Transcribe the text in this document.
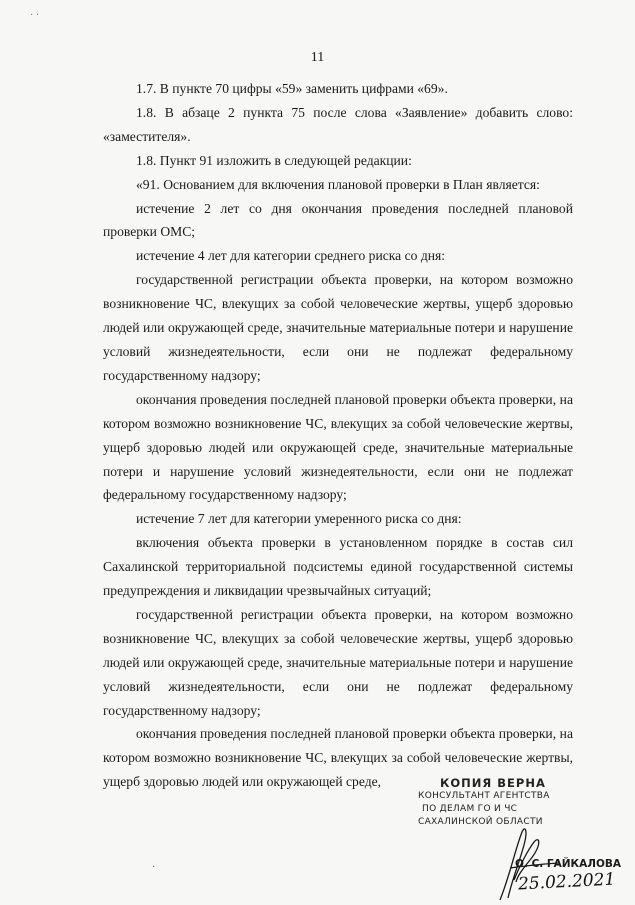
· ·
11

1.7. В пункте 70 цифры «59» заменить цифрами «69».

1.8. В абзаце 2 пункта 75 после слова «Заявление» добавить слово: «заместителя».

1.8. Пункт 91 изложить в следующей редакции:

«91. Основанием для включения плановой проверки в План является:

истечение 2 лет со дня окончания проведения последней плановой проверки ОМС;

истечение 4 лет для категории среднего риска со дня:

государственной регистрации объекта проверки, на котором возможно возникновение ЧС, влекущих за собой человеческие жертвы, ущерб здоровью людей или окружающей среде, значительные материальные потери и нарушение условий жизнедеятельности, если они не подлежат федеральному государственному надзору;

окончания проведения последней плановой проверки объекта проверки, на котором возможно возникновение ЧС, влекущих за собой человеческие жертвы, ущерб здоровью людей или окружающей среде, значительные материальные потери и нарушение условий жизнедеятельности, если они не подлежат федеральному государственному надзору;

истечение 7 лет для категории умеренного риска со дня:

включения объекта проверки в установленном порядке в состав сил Сахалинской территориальной подсистемы единой государственной системы предупреждения и ликвидации чрезвычайных ситуаций;

государственной регистрации объекта проверки, на котором возможно возникновение ЧС, влекущих за собой человеческие жертвы, ущерб здоровью людей или окружающей среде, значительные материальные потери и нарушение условий жизнедеятельности, если они не подлежат федеральному государственному надзору;

окончания проведения последней плановой проверки объекта проверки, на котором возможно возникновение ЧС, влекущих за собой человеческие жертвы, ущерб здоровью людей или окружающей среде,	КОПИЯ ВЕРНА
КОНСУЛЬТАНТ АГЕНТСТВА
ПО ДЕЛАМ ГО И ЧС
САХАЛИНСКОЙ ОБЛАСТИ
О. С. ГАЙКАЛОВА
25.02.2021
·
